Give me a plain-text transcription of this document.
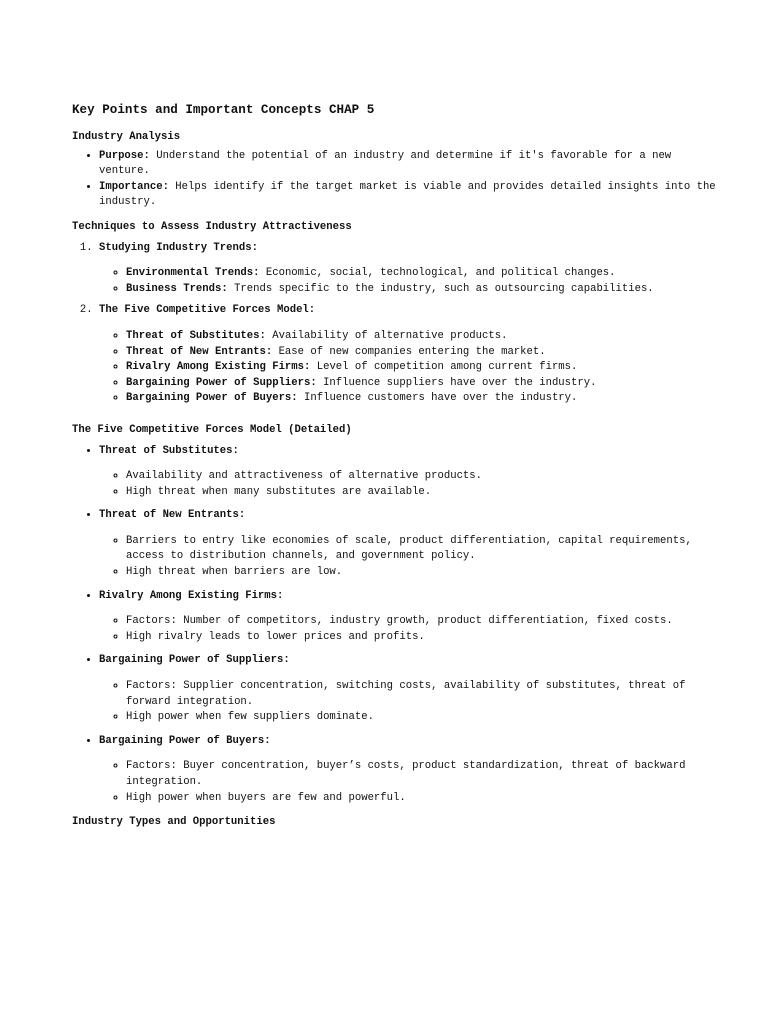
Key Points and Important Concepts CHAP 5
Industry Analysis
• Purpose: Understand the potential of an industry and determine if it's favorable for a new venture.
• Importance: Helps identify if the target market is viable and provides detailed insights into the industry.
Techniques to Assess Industry Attractiveness
1. Studying Industry Trends:
◦ Environmental Trends: Economic, social, technological, and political changes.
◦ Business Trends: Trends specific to the industry, such as outsourcing capabilities.
2. The Five Competitive Forces Model:
◦ Threat of Substitutes: Availability of alternative products.
◦ Threat of New Entrants: Ease of new companies entering the market.
◦ Rivalry Among Existing Firms: Level of competition among current firms.
◦ Bargaining Power of Suppliers: Influence suppliers have over the industry.
◦ Bargaining Power of Buyers: Influence customers have over the industry.
The Five Competitive Forces Model (Detailed)
• Threat of Substitutes:
◦ Availability and attractiveness of alternative products.
◦ High threat when many substitutes are available.
• Threat of New Entrants:
◦ Barriers to entry like economies of scale, product differentiation, capital requirements, access to distribution channels, and government policy.
◦ High threat when barriers are low.
• Rivalry Among Existing Firms:
◦ Factors: Number of competitors, industry growth, product differentiation, fixed costs.
◦ High rivalry leads to lower prices and profits.
• Bargaining Power of Suppliers:
◦ Factors: Supplier concentration, switching costs, availability of substitutes, threat of forward integration.
◦ High power when few suppliers dominate.
• Bargaining Power of Buyers:
◦ Factors: Buyer concentration, buyer’s costs, product standardization, threat of backward integration.
◦ High power when buyers are few and powerful.
Industry Types and Opportunities
